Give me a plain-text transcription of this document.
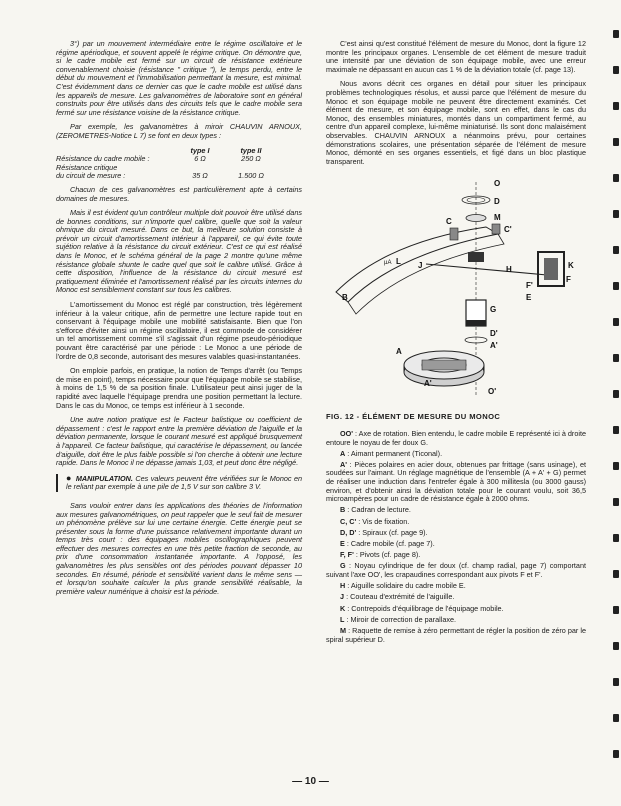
3°) par un mouvement intermédiaire entre le régime oscillatoire et le régime apériodique, et souvent appelé le régime critique. On démontre que, si le cadre mobile est fermé sur un circuit de résistance extérieure convenablement choisie (résistance " critique "), le temps perdu, entre le début du mouvement et l'immobilisation permettant la mesure, est minimal. C'est évidemment dans ce dernier cas que le cadre mobile est utilisé dans les appareils de mesure. Les galvanomètres de laboratoire sont en général construits pour être utilisés dans des circuits tels que le cadre mobile sera fermé sur une résistance voisine de la résistance critique.

Par exemple, les galvanomètres à miroir CHAUVIN ARNOUX, (ZEROMETRES-Notice L 7) se font en deux types :

type I	type II
Résistance du cadre mobile :	6 Ω	250 Ω
Résistance critique
du circuit de mesure :	35 Ω	1.500 Ω

Chacun de ces galvanomètres est particulièrement apte à certains domaines de mesures.

Mais il est évident qu'un contrôleur multiple doit pouvoir être utilisé dans de bonnes conditions, sur n'importe quel calibre, quelle que soit la valeur ohmique du circuit mesuré. Dans ce but, la meilleure solution consiste à prévoir un circuit d'amortissement intérieur à l'appareil, ce qui évite toute sujétion relative à la résistance du circuit extérieur. C'est ce qui est réalisé dans le Monoc, et le schéma général de la page 2 montre qu'une même résistance globale shunte le cadre quel que soit le calibre utilisé. Grâce à cette disposition, l'influence de la résistance du circuit mesuré est pratiquement éliminée et l'amortissement réalisé par les circuits internes du Monoc est sensiblement constant sur tous les calibres.

L'amortissement du Monoc est réglé par construction, très légèrement inférieur à la valeur critique, afin de permettre une lecture rapide tout en conservant à l'équipage mobile une mobilité satisfaisante. Bien que l'on s'efforce d'éviter ainsi un régime oscillatoire, il est commode de considérer un tel amortissement comme s'il s'agissait d'un régime pseudo-périodique pouvant être caractérisé par une période : Le Monoc a une période de l'ordre de 0,8 seconde, autorisant des mesures valables quasi-instantanées.

On emploie parfois, en pratique, la notion de Temps d'arrêt (ou Temps de mise en point), temps nécessaire pour que l'équipage mobile se stabilise, à moins de 1,5 % de sa position finale. L'utilisateur peut ainsi juger de la rapidité avec laquelle l'équipage prendra une position permettant la lecture. Dans le cas du Monoc, ce temps est inférieur à 1 seconde.

Une autre notion pratique est le Facteur balistique ou coefficient de dépassement : c'est le rapport entre la première déviation de l'aiguille et la déviation permanente, lorsque le courant mesuré est appliqué brusquement à l'appareil. Ce facteur balistique, qui caractérise le dépassement, ou lancée d'aiguille, doit être le plus faible possible si l'on cherche à obtenir une lecture rapide. Dans le Monoc il ne dépasse jamais 1,03, et peut donc être négligé.

● MANIPULATION. Ces valeurs peuvent être vérifiées sur le Monoc en le reliant par exemple à une pile de 1,5 V sur son calibre 3 V.

Sans vouloir entrer dans les applications des théories de l'information aux mesures galvanométriques, on peut rappeler que le seul fait de mesurer un phénomène prélève sur lui une certaine énergie. Cette énergie peut se présenter sous la forme d'une puissance relativement importante durant un temps très court : des équipages mobiles oscillographiques peuvent effectuer des mesures correctes en une très petite fraction de seconde, au prix d'une consommation instantanée importante. A l'opposé, les galvanomètres les plus sensibles ont des périodes pouvant dépasser 10 secondes. En résumé, période et sensibilité varient dans le même sens — et lorsqu'on souhaite calculer la plus grande sensibilité réalisable, la première valeur numérique à choisir est la période.

C'est ainsi qu'est constitué l'élément de mesure du Monoc, dont la figure 12 montre les principaux organes. L'ensemble de cet élément de mesure traduit une intensité par une déviation de son équipage mobile, avec une erreur maximale ne dépassant en aucun cas 1 % de la déviation totale (cf. page 13).

Nous avons décrit ces organes en détail pour situer les principaux problèmes technologiques résolus, et aussi parce que l'élément de mesure du Monoc et son équipage mobile ne peuvent être directement examinés. Cet élément de mesure, et son équipage mobile, sont en effet, dans le cas du Monoc, des ensembles miniatures, montés dans un compartiment fermé, au centre d'un appareil complexe, lui-même miniaturisé. Ils sont donc malaisément observables. CHAUVIN ARNOUX a néanmoins prévu, pour certaines démonstrations scolaires, une présentation séparée de l'élément de mesure Monoc, démonté en ses organes essentiels, et figé dans un bloc plastique transparent.

O
D
M
C
C'
L J	H
F'
K
F
E
B
G
D'
A'
A
A'
O'
µA
FIG. 12 - ÉLÉMENT DE MESURE DU MONOC

OO' : Axe de rotation. Bien entendu, le cadre mobile E représenté ici à droite entoure le noyau de fer doux G.

A : Aimant permanent (Ticonal).

A' : Pièces polaires en acier doux, obtenues par frittage (sans usinage), et soudées sur l'aimant. Un réglage magnétique de l'ensemble (A + A' + G) permet de réaliser une induction dans l'entrefer égale à 300 millitesla (ou 3000 gauss) environ, et d'obtenir ainsi la déviation totale pour le courant voulu, soit 36,5 microampères pour un cadre de résistance égale à 2000 ohms.

B : Cadran de lecture.

C, C' : Vis de fixation.

D, D' : Spiraux (cf. page 9).

E : Cadre mobile (cf. page 7).

F, F' : Pivots (cf. page 8).

G : Noyau cylindrique de fer doux (cf. champ radial, page 7) comportant suivant l'axe OO', les crapaudines correspondant aux pivots F et F'.

H : Aiguille solidaire du cadre mobile E.

J : Couteau d'extrémité de l'aiguille.

K : Contrepoids d'équilibrage de l'équipage mobile.

L : Miroir de correction de parallaxe.

M : Raquette de remise à zéro permettant de régler la position de zéro par le spiral supérieur D.

— 10 —
